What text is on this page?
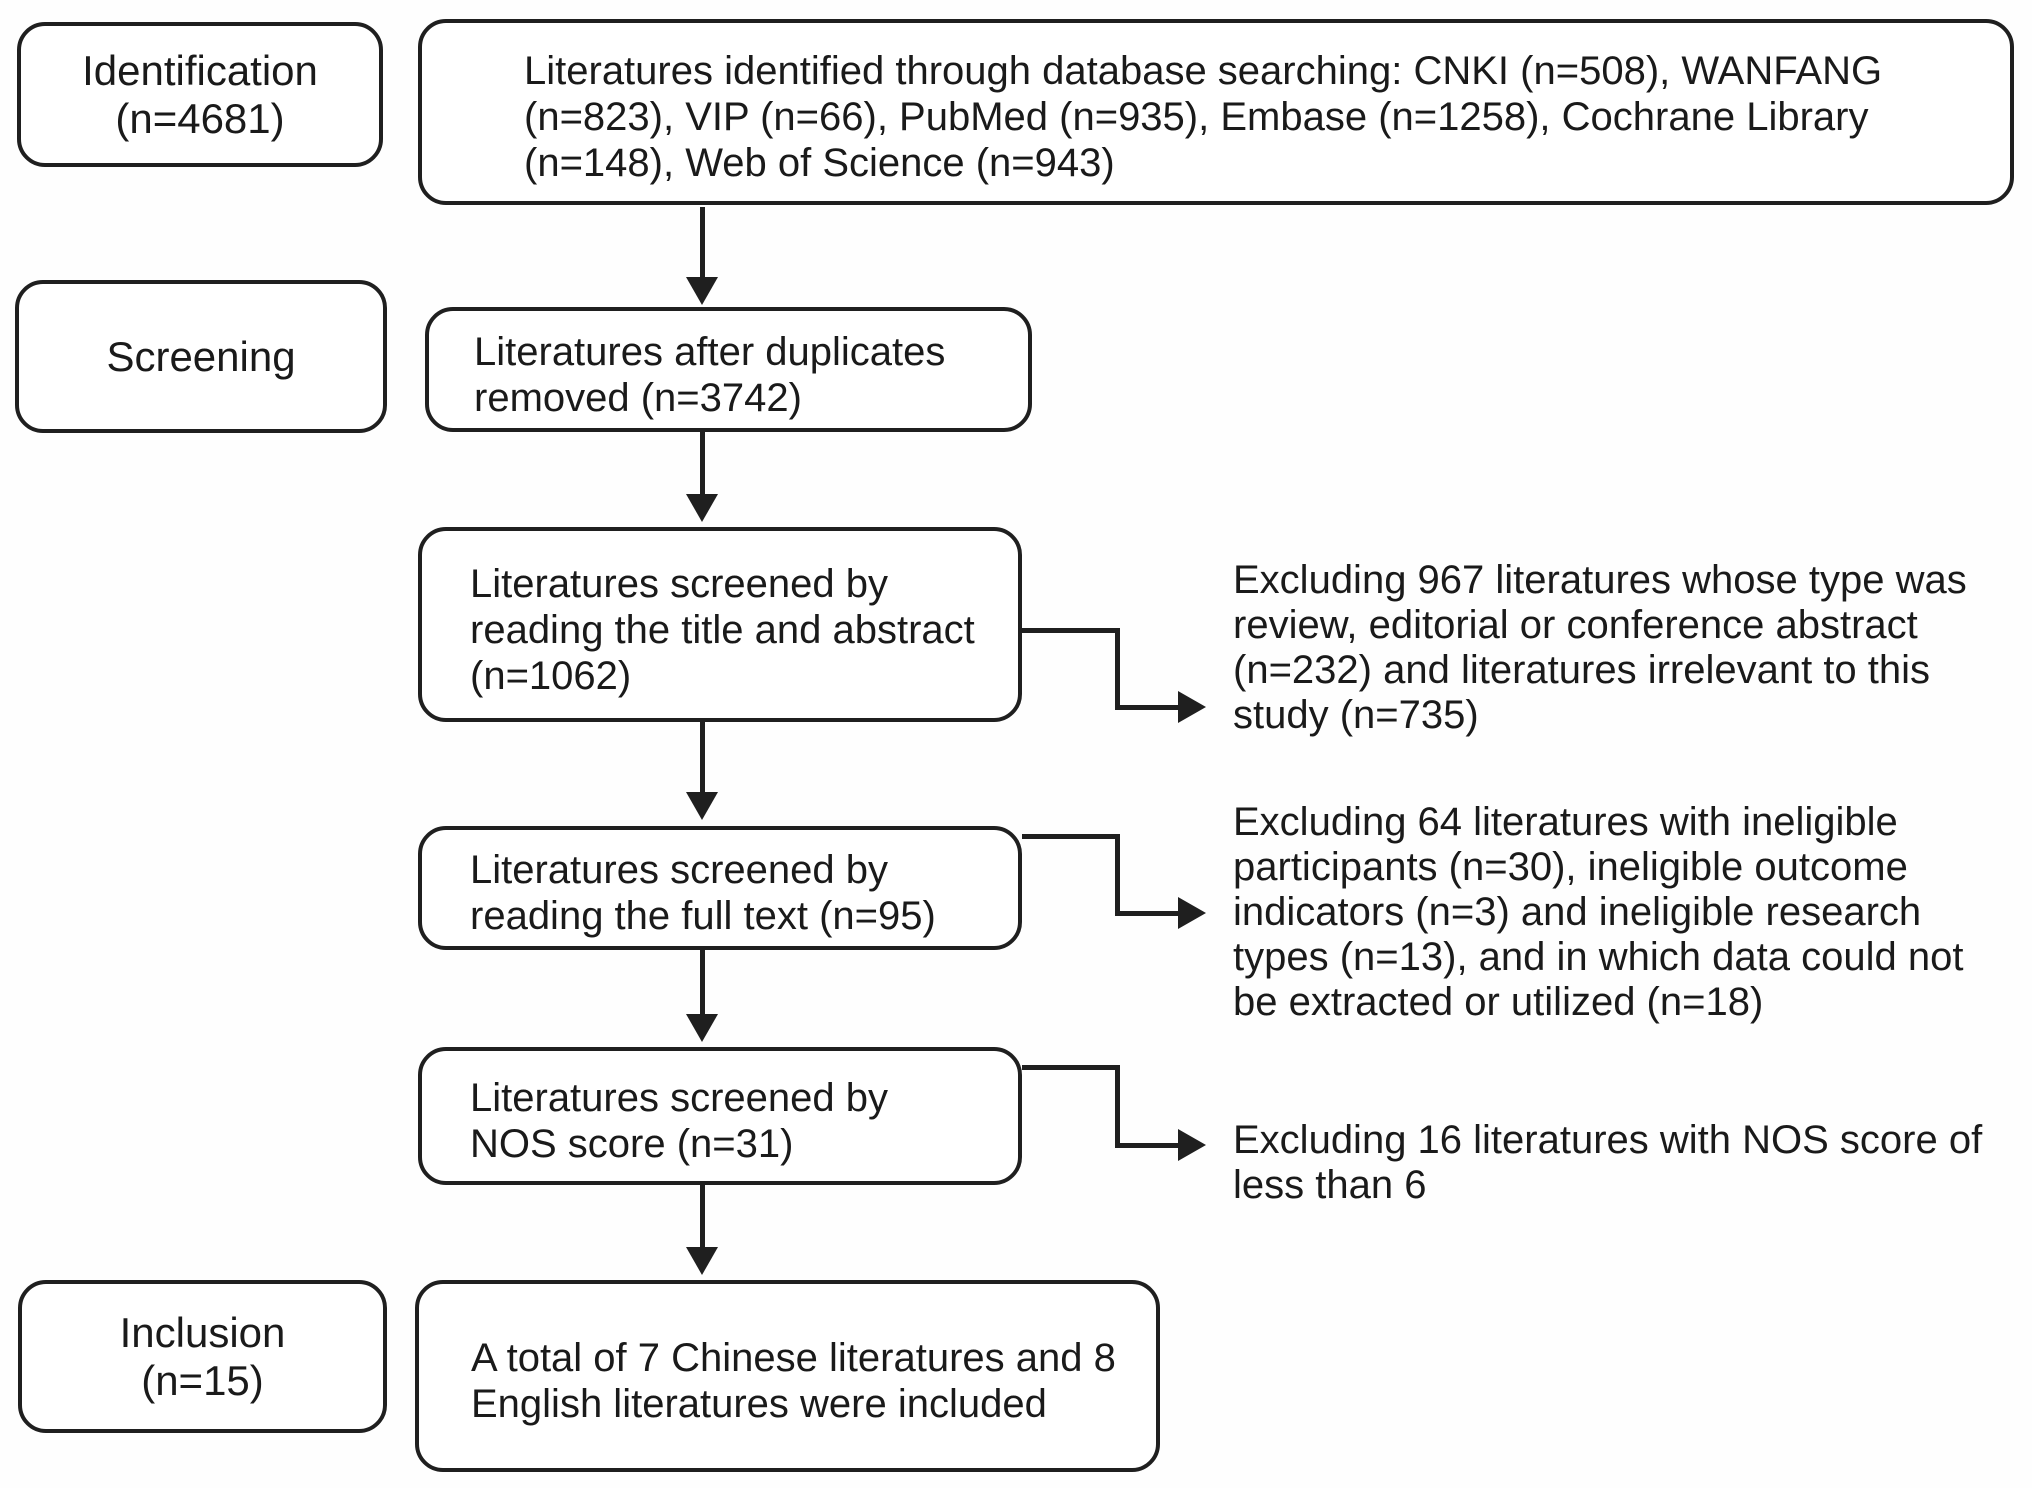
Identification
(n=4681)
Screening
Inclusion
(n=15)
Literatures identified through database searching: CNKI (n=508), WANFANG
(n=823), VIP (n=66), PubMed (n=935), Embase (n=1258), Cochrane Library
(n=148), Web of Science (n=943)
Literatures after duplicates
removed (n=3742)
Literatures screened by
reading the title and abstract
(n=1062)
Literatures screened by
reading the full text (n=95)
Literatures screened by
NOS score (n=31)
A total of 7 Chinese literatures and 8
English literatures were included
Excluding 967 literatures whose type was
review, editorial or conference abstract
(n=232) and literatures irrelevant to this
study (n=735)
Excluding 64 literatures with ineligible
participants (n=30), ineligible outcome
indicators (n=3) and ineligible research
types (n=13), and in which data could not
be extracted or utilized (n=18)
Excluding 16 literatures with NOS score of
less than 6
